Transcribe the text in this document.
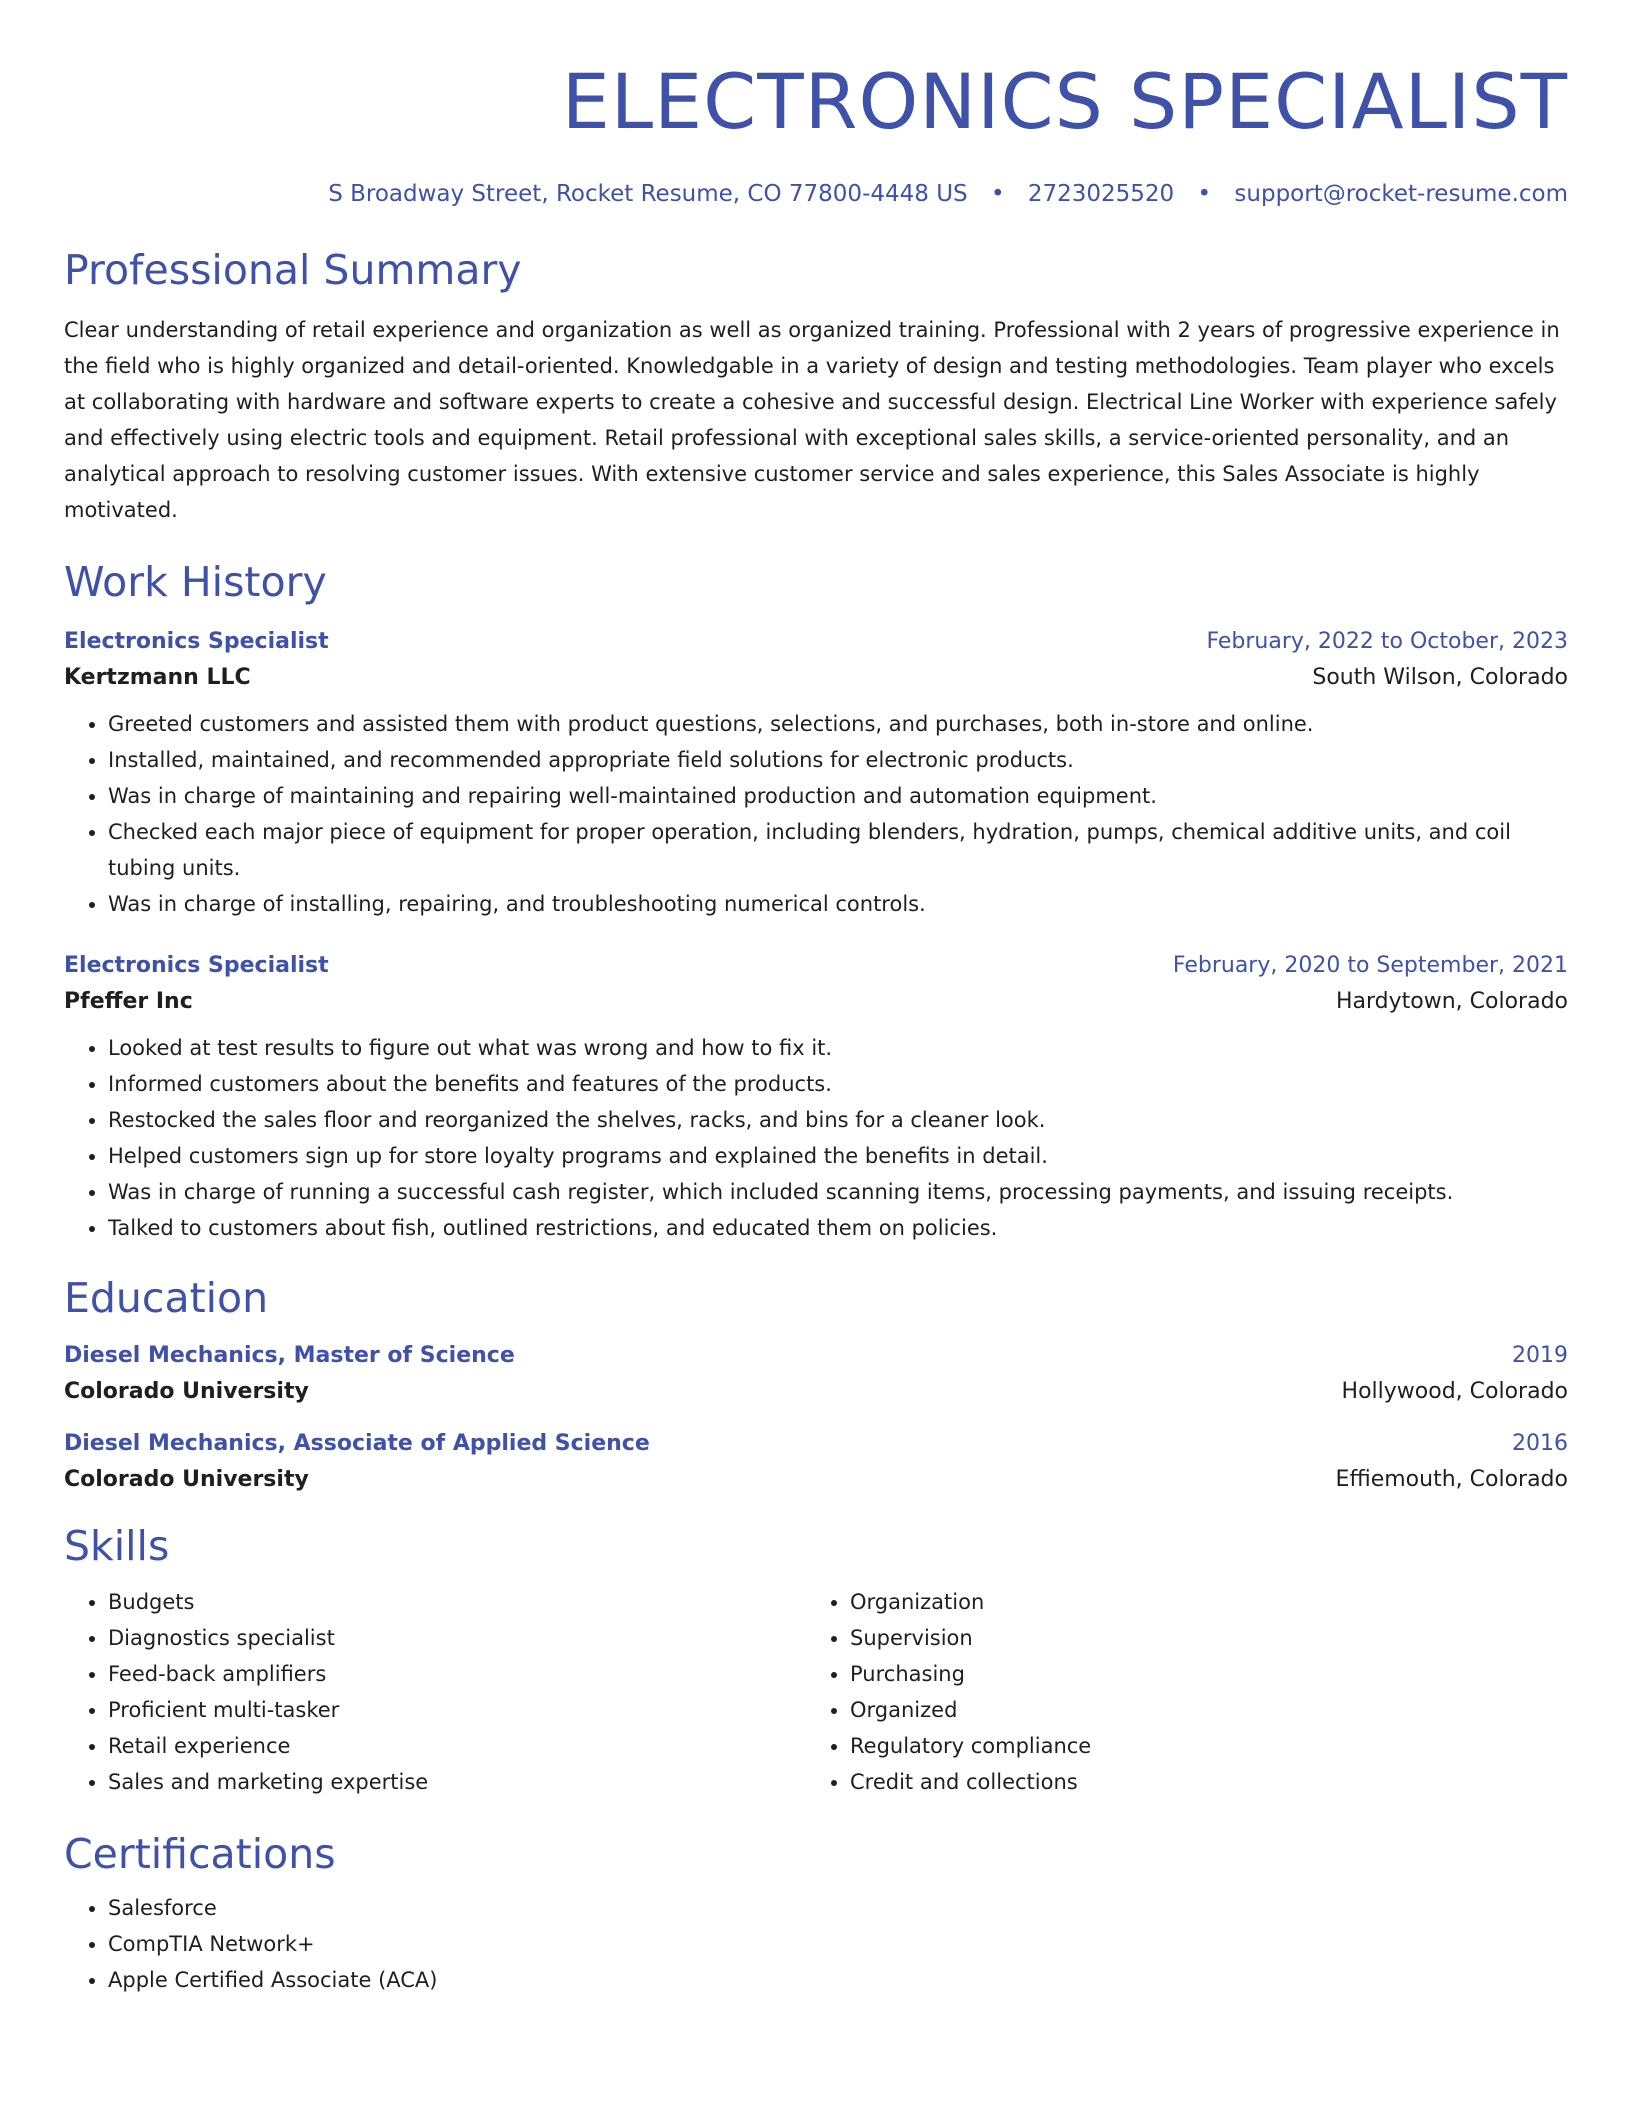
ELECTRONICS SPECIALIST
S Broadway Street, Rocket Resume, CO 77800-4448 US • 2723025520 • support@rocket-resume.com
Professional Summary
Clear understanding of retail experience and organization as well as organized training. Professional with 2 years of progressive experience in the field who is highly organized and detail-oriented. Knowledgable in a variety of design and testing methodologies. Team player who excels at collaborating with hardware and software experts to create a cohesive and successful design. Electrical Line Worker with experience safely and effectively using electric tools and equipment. Retail professional with exceptional sales skills, a service-oriented personality, and an analytical approach to resolving customer issues. With extensive customer service and sales experience, this Sales Associate is highly motivated.
Work History
Electronics Specialist	February, 2022 to October, 2023
Kertzmann LLC	South Wilson, Colorado
• Greeted customers and assisted them with product questions, selections, and purchases, both in-store and online.
• Installed, maintained, and recommended appropriate field solutions for electronic products.
• Was in charge of maintaining and repairing well-maintained production and automation equipment.
• Checked each major piece of equipment for proper operation, including blenders, hydration, pumps, chemical additive units, and coil tubing units.
• Was in charge of installing, repairing, and troubleshooting numerical controls.
Electronics Specialist	February, 2020 to September, 2021
Pfeffer Inc	Hardytown, Colorado
• Looked at test results to figure out what was wrong and how to fix it.
• Informed customers about the benefits and features of the products.
• Restocked the sales floor and reorganized the shelves, racks, and bins for a cleaner look.
• Helped customers sign up for store loyalty programs and explained the benefits in detail.
• Was in charge of running a successful cash register, which included scanning items, processing payments, and issuing receipts.
• Talked to customers about fish, outlined restrictions, and educated them on policies.
Education
Diesel Mechanics, Master of Science	2019
Colorado University	Hollywood, Colorado
Diesel Mechanics, Associate of Applied Science	2016
Colorado University	Effiemouth, Colorado
Skills
• Budgets
• Diagnostics specialist
• Feed-back amplifiers
• Proficient multi-tasker
• Retail experience
• Sales and marketing expertise
• Organization
• Supervision
• Purchasing
• Organized
• Regulatory compliance
• Credit and collections
Certifications
• Salesforce
• CompTIA Network+
• Apple Certified Associate (ACA)
